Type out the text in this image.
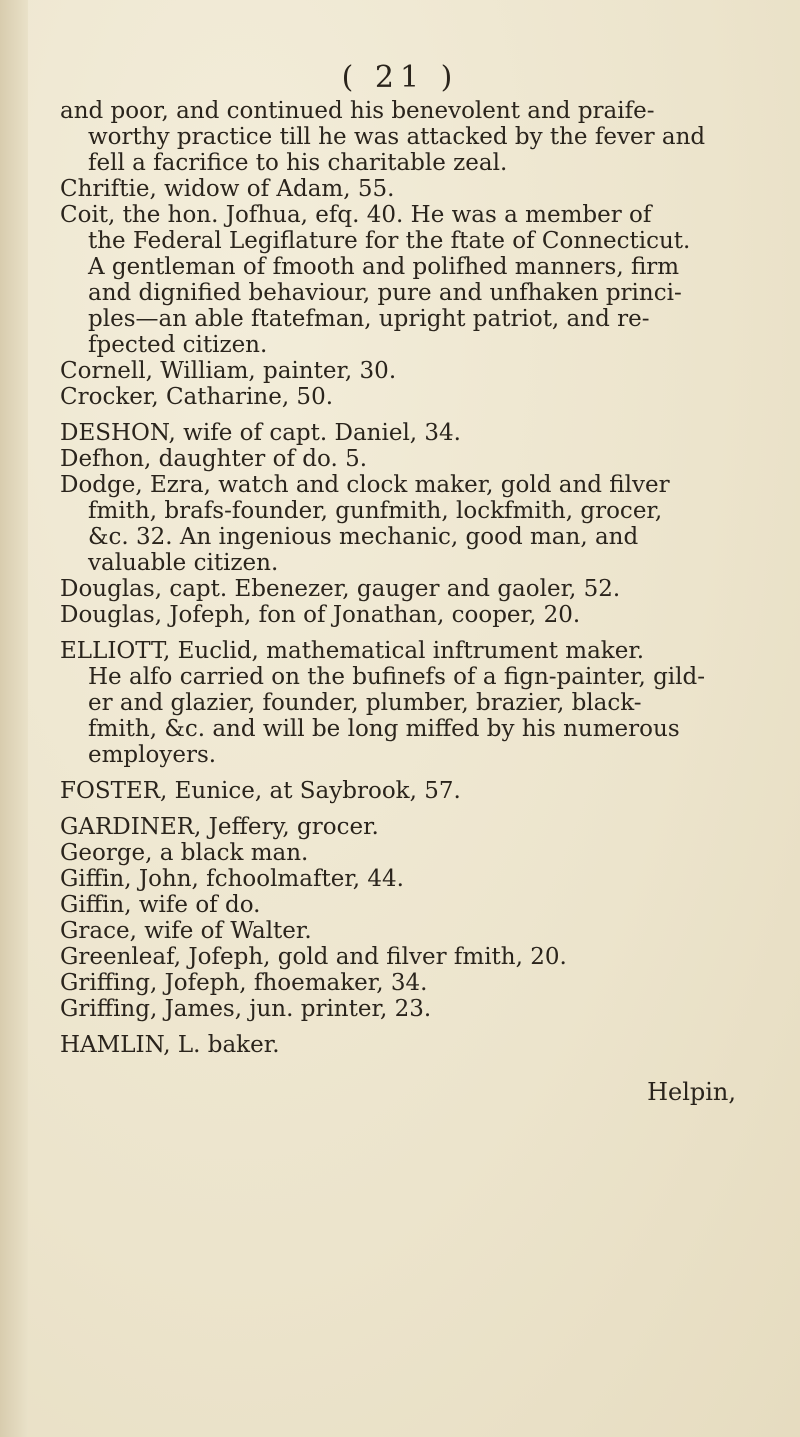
( 21 )
and poor, and continued his benevolent and praife-
worthy practice till he was attacked by the fever and
fell a facrifice to his charitable zeal.
Chriftie, widow of Adam, 55.
Coit, the hon. Jofhua, efq. 40. He was a member of
the Federal Legiflature for the ftate of Connecticut.
A gentleman of fmooth and polifhed manners, firm
and dignified behaviour, pure and unfhaken princi-
ples—an able ftatefman, upright patriot, and re-
fpected citizen.
Cornell, William, painter, 30.
Crocker, Catharine, 50.
DESHON, wife of capt. Daniel, 34.
Defhon, daughter of do. 5.
Dodge, Ezra, watch and clock maker, gold and filver
fmith, brafs-founder, gunfmith, lockfmith, grocer,
&c. 32. An ingenious mechanic, good man, and
valuable citizen.
Douglas, capt. Ebenezer, gauger and gaoler, 52.
Douglas, Jofeph, fon of Jonathan, cooper, 20.
ELLIOTT, Euclid, mathematical inftrument maker.
He alfo carried on the bufinefs of a fign-painter, gild-
er and glazier, founder, plumber, brazier, black-
fmith, &c. and will be long miffed by his numerous
employers.
FOSTER, Eunice, at Saybrook, 57.
GARDINER, Jeffery, grocer.
George, a black man.
Giffin, John, fchoolmafter, 44.
Giffin, wife of do.
Grace, wife of Walter.
Greenleaf, Jofeph, gold and filver fmith, 20.
Griffing, Jofeph, fhoemaker, 34.
Griffing, James, jun. printer, 23.
HAMLIN, L. baker.
Helpin,
